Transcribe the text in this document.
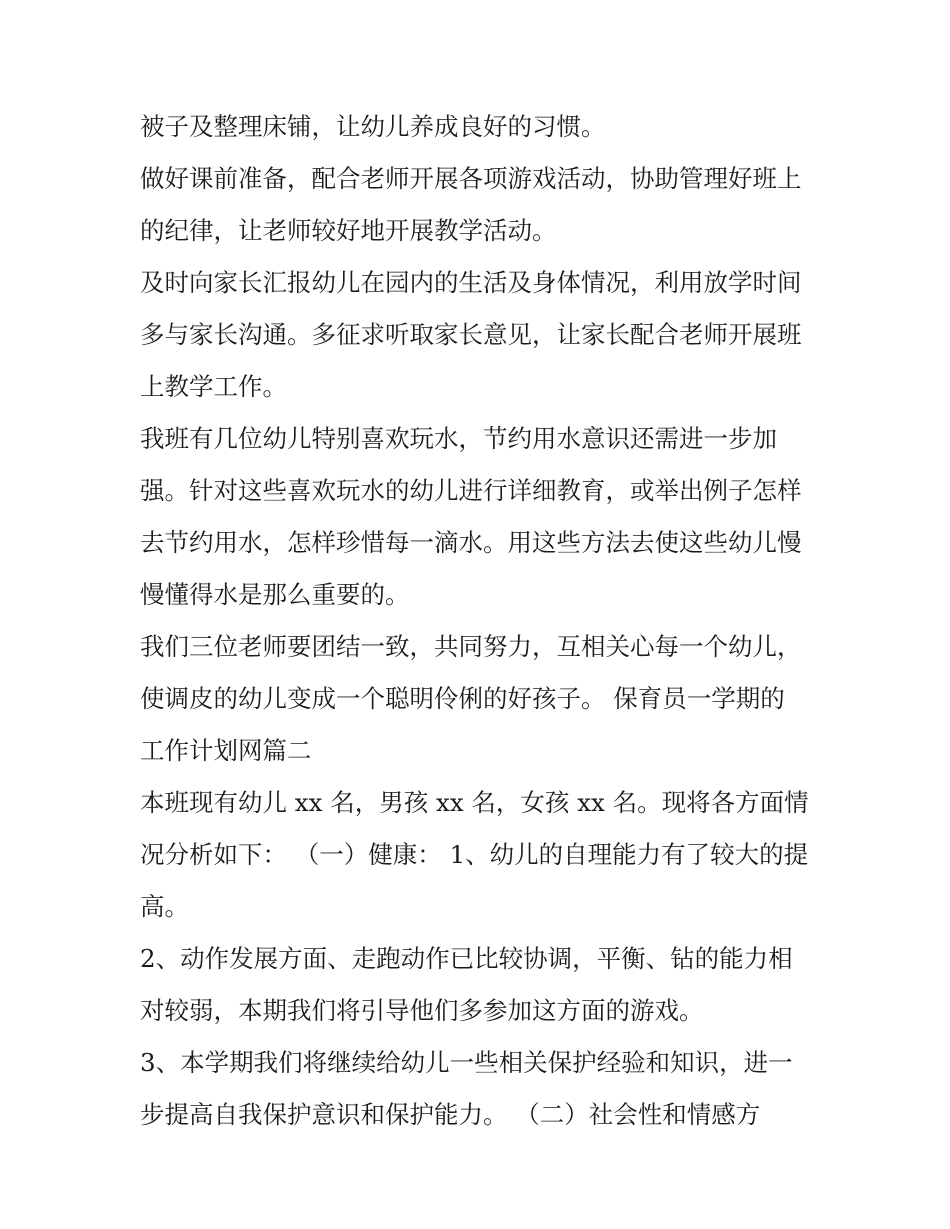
被子及整理床铺，让幼儿养成良好的习惯。

做好课前准备，配合老师开展各项游戏活动，协助管理好班上

的纪律，让老师较好地开展教学活动。

及时向家长汇报幼儿在园内的生活及身体情况，利用放学时间

多与家长沟通。多征求听取家长意见，让家长配合老师开展班

上教学工作。

我班有几位幼儿特别喜欢玩水，节约用水意识还需进一步加

强。针对这些喜欢玩水的幼儿进行详细教育，或举出例子怎样

去节约用水，怎样珍惜每一滴水。用这些方法去使这些幼儿慢

慢懂得水是那么重要的。

我们三位老师要团结一致，共同努力，互相关心每一个幼儿，

使调皮的幼儿变成一个聪明伶俐的好孩子。 保育员一学期的

工作计划网篇二

本班现有幼儿 xx 名，男孩 xx 名，女孩 xx 名。现将各方面情

况分析如下： （一）健康： 1、幼儿的自理能力有了较大的提

高。

2、动作发展方面、走跑动作已比较协调，平衡、钻的能力相

对较弱，本期我们将引导他们多参加这方面的游戏。

3、本学期我们将继续给幼儿一些相关保护经验和知识，进一

步提高自我保护意识和保护能力。 （二）社会性和情感方
